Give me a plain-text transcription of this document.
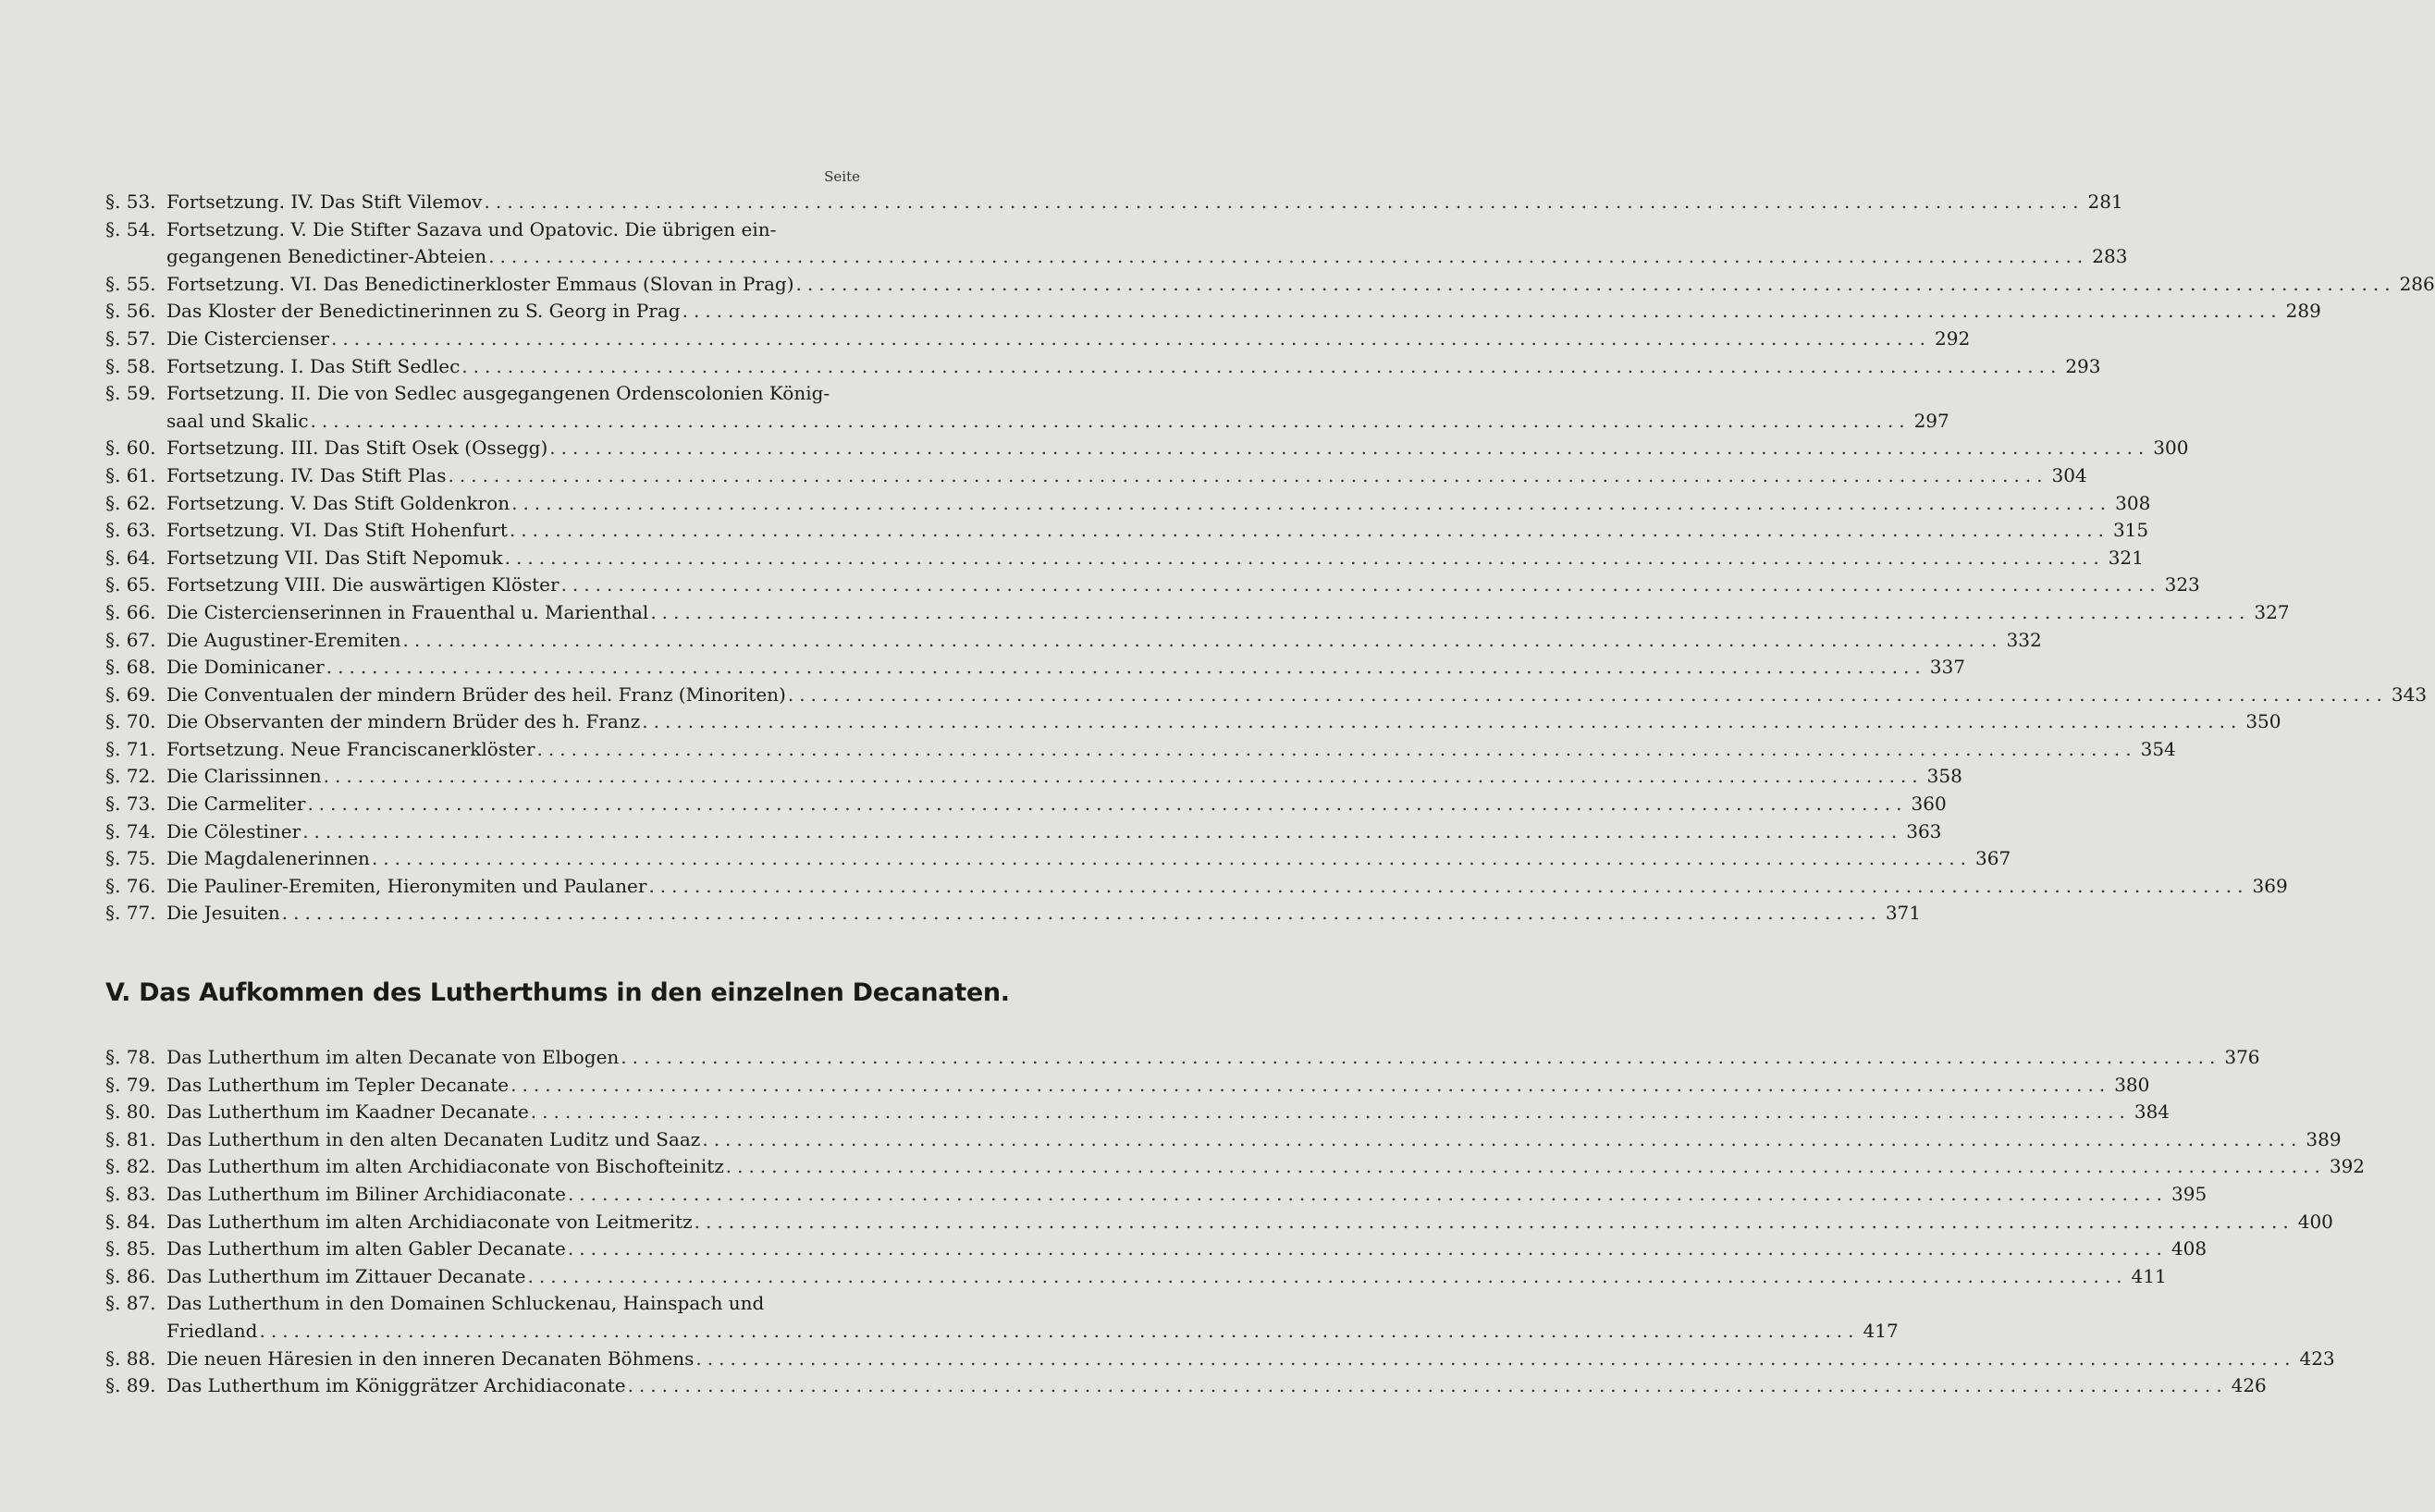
Seite
§. 53. Fortsetzung. IV. Das Stift Vilemov ............................................................................................................................................ 281
§. 54. Fortsetzung. V. Die Stifter Sazava und Opatovic. Die übrigen ein-
gegangenen Benedictiner-Abteien ............................................................................................................................................ 283
§. 55. Fortsetzung. VI. Das Benedictinerkloster Emmaus (Slovan in Prag) ............................................................................................................................................ 286
§. 56. Das Kloster der Benedictinerinnen zu S. Georg in Prag ............................................................................................................................................ 289
§. 57. Die Cistercienser ............................................................................................................................................ 292
§. 58. Fortsetzung. I. Das Stift Sedlec ............................................................................................................................................ 293
§. 59. Fortsetzung. II. Die von Sedlec ausgegangenen Ordenscolonien König-
saal und Skalic ............................................................................................................................................ 297
§. 60. Fortsetzung. III. Das Stift Osek (Ossegg) ............................................................................................................................................ 300
§. 61. Fortsetzung. IV. Das Stift Plas ............................................................................................................................................ 304
§. 62. Fortsetzung. V. Das Stift Goldenkron ............................................................................................................................................ 308
§. 63. Fortsetzung. VI. Das Stift Hohenfurt ............................................................................................................................................ 315
§. 64. Fortsetzung VII. Das Stift Nepomuk ............................................................................................................................................ 321
§. 65. Fortsetzung VIII. Die auswärtigen Klöster ............................................................................................................................................ 323
§. 66. Die Cistercienserinnen in Frauenthal u. Marienthal ............................................................................................................................................ 327
§. 67. Die Augustiner-Eremiten ............................................................................................................................................ 332
§. 68. Die Dominicaner ............................................................................................................................................ 337
§. 69. Die Conventualen der mindern Brüder des heil. Franz (Minoriten) ............................................................................................................................................ 343
§. 70. Die Observanten der mindern Brüder des h. Franz ............................................................................................................................................ 350
§. 71. Fortsetzung. Neue Franciscanerklöster ............................................................................................................................................ 354
§. 72. Die Clarissinnen ............................................................................................................................................ 358
§. 73. Die Carmeliter ............................................................................................................................................ 360
§. 74. Die Cölestiner ............................................................................................................................................ 363
§. 75. Die Magdalenerinnen ............................................................................................................................................ 367
§. 76. Die Pauliner-Eremiten, Hieronymiten und Paulaner ............................................................................................................................................ 369
§. 77. Die Jesuiten ............................................................................................................................................ 371
V. Das Aufkommen des Lutherthums in den einzelnen Decanaten.
§. 78. Das Lutherthum im alten Decanate von Elbogen ............................................................................................................................................ 376
§. 79. Das Lutherthum im Tepler Decanate ............................................................................................................................................ 380
§. 80. Das Lutherthum im Kaadner Decanate ............................................................................................................................................ 384
§. 81. Das Lutherthum in den alten Decanaten Luditz und Saaz ............................................................................................................................................ 389
§. 82. Das Lutherthum im alten Archidiaconate von Bischofteinitz ............................................................................................................................................ 392
§. 83. Das Lutherthum im Biliner Archidiaconate ............................................................................................................................................ 395
§. 84. Das Lutherthum im alten Archidiaconate von Leitmeritz ............................................................................................................................................ 400
§. 85. Das Lutherthum im alten Gabler Decanate ............................................................................................................................................ 408
§. 86. Das Lutherthum im Zittauer Decanate ............................................................................................................................................ 411
§. 87. Das Lutherthum in den Domainen Schluckenau, Hainspach und
Friedland ............................................................................................................................................ 417
§. 88. Die neuen Häresien in den inneren Decanaten Böhmens ............................................................................................................................................ 423
§. 89. Das Lutherthum im Königgrätzer Archidiaconate ............................................................................................................................................ 426
